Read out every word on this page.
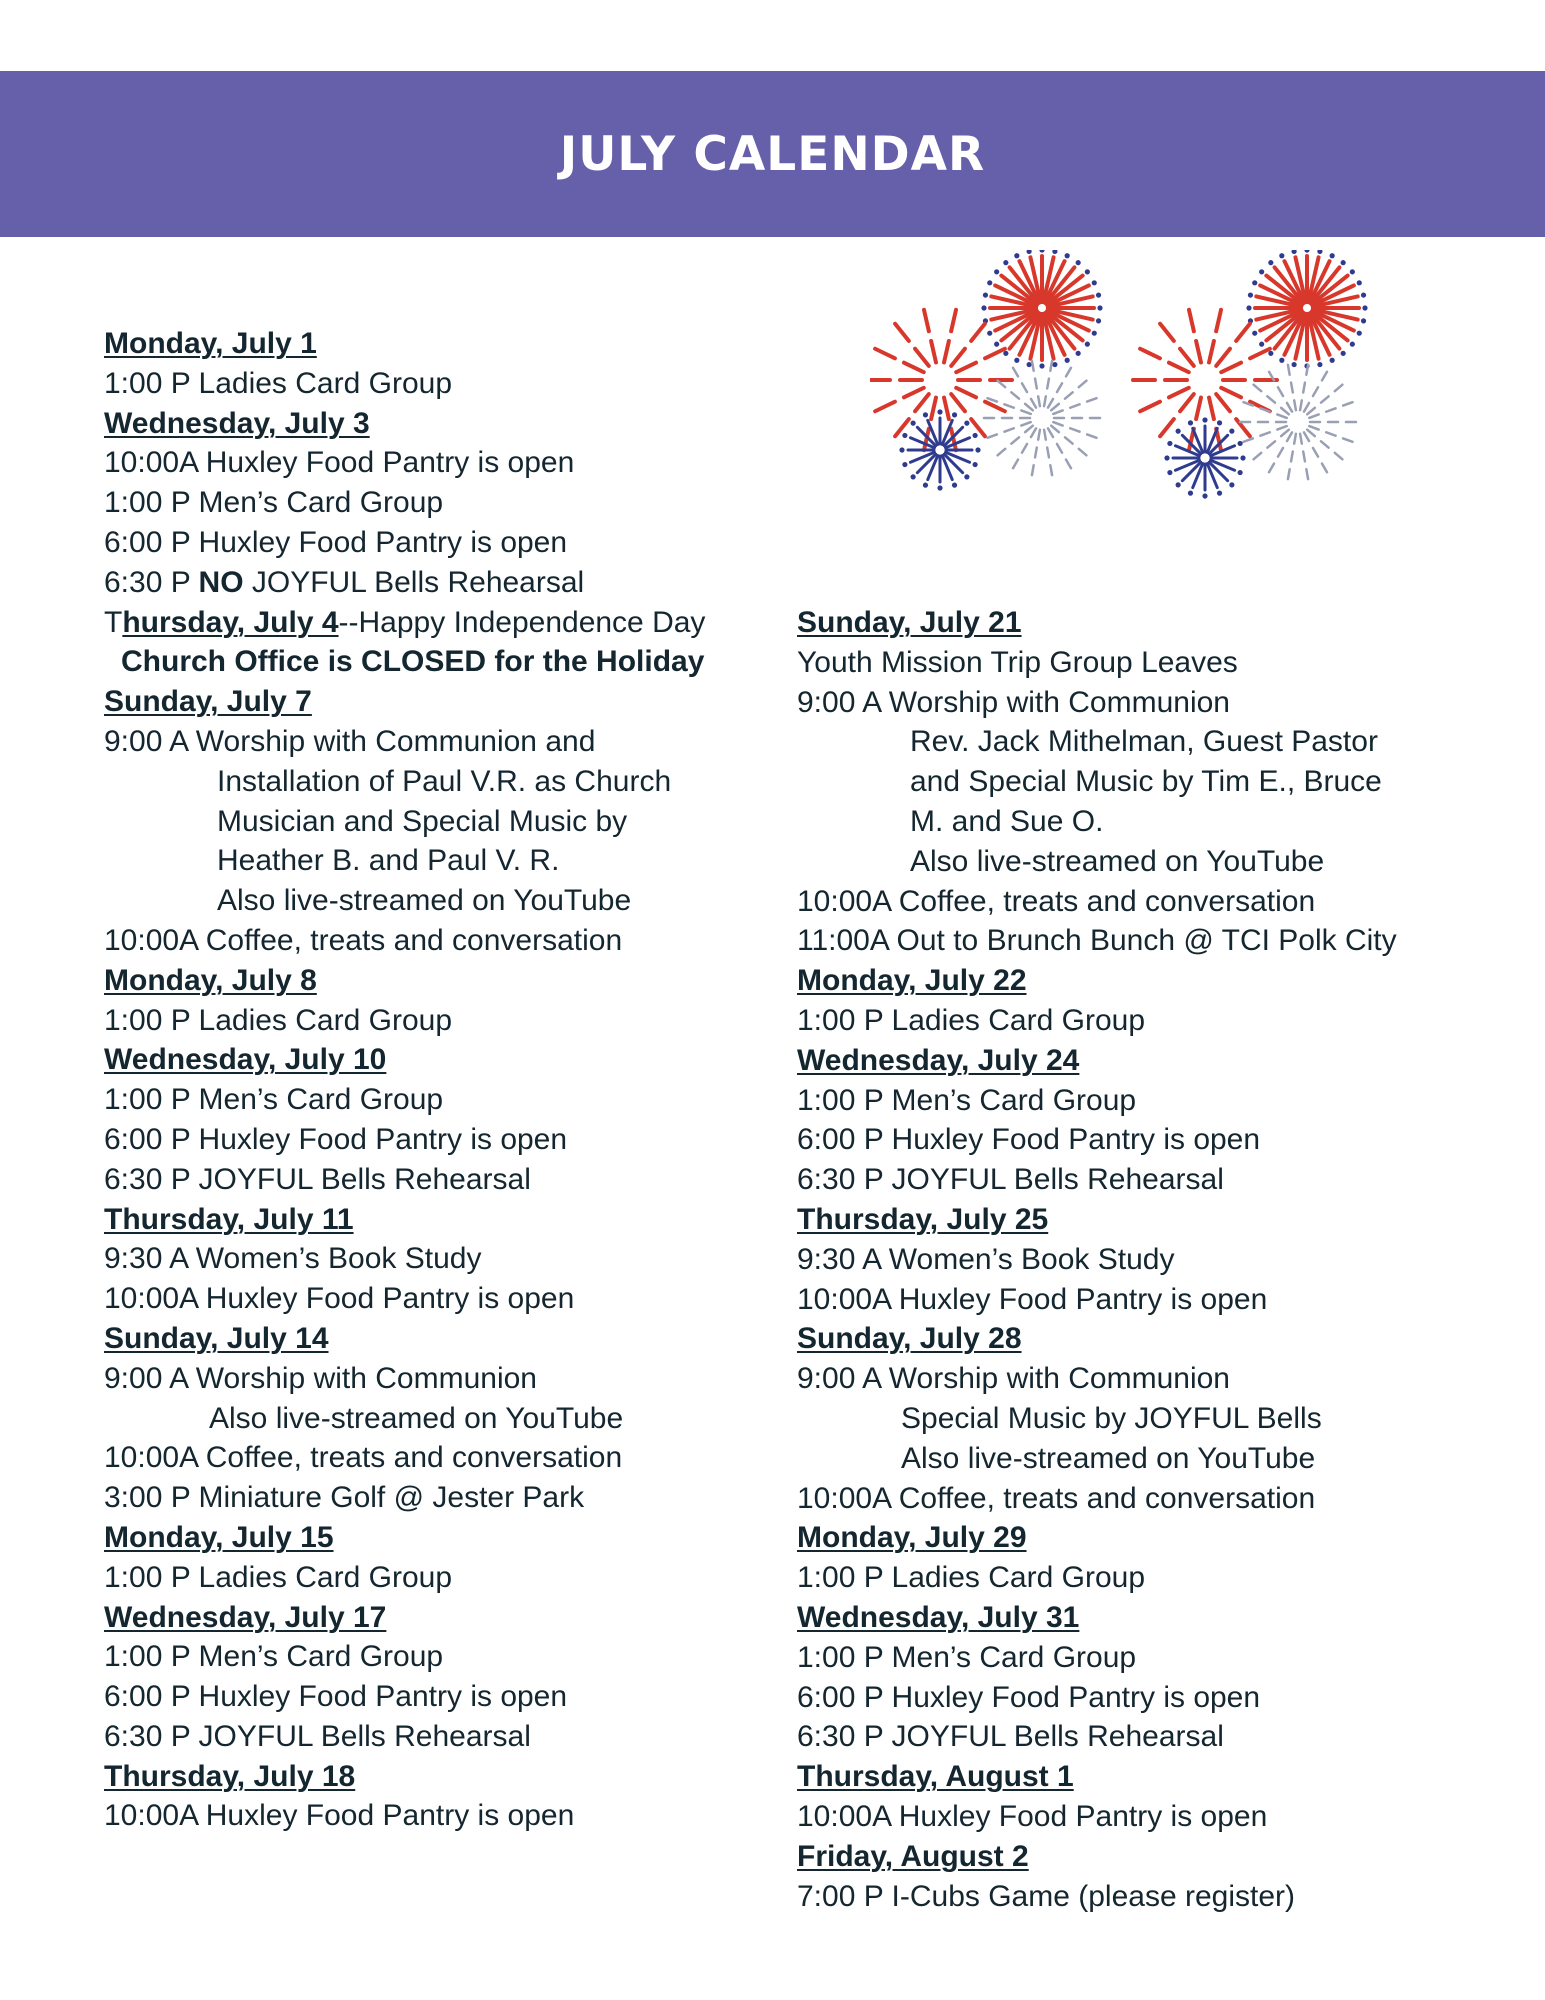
JULY CALENDAR
Monday, July 1
1:00 P Ladies Card Group
Wednesday, July 3
10:00A Huxley Food Pantry is open
1:00 P Men’s Card Group
6:00 P Huxley Food Pantry is open
6:30 P NO JOYFUL Bells Rehearsal
Thursday, July 4--Happy Independence Day
Church Office is CLOSED for the Holiday
Sunday, July 7
9:00 A Worship with Communion and
Installation of Paul V.R. as Church
Musician and Special Music by
Heather B. and Paul V. R.
Also live-streamed on YouTube
10:00A Coffee, treats and conversation
Monday, July 8
1:00 P Ladies Card Group
Wednesday, July 10
1:00 P Men’s Card Group
6:00 P Huxley Food Pantry is open
6:30 P JOYFUL Bells Rehearsal
Thursday, July 11
9:30 A Women’s Book Study
10:00A Huxley Food Pantry is open
Sunday, July 14
9:00 A Worship with Communion
Also live-streamed on YouTube
10:00A Coffee, treats and conversation
3:00 P Miniature Golf @ Jester Park
Monday, July 15
1:00 P Ladies Card Group
Wednesday, July 17
1:00 P Men’s Card Group
6:00 P Huxley Food Pantry is open
6:30 P JOYFUL Bells Rehearsal
Thursday, July 18
10:00A Huxley Food Pantry is open
Sunday, July 21
Youth Mission Trip Group Leaves
9:00 A Worship with Communion
Rev. Jack Mithelman, Guest Pastor
and Special Music by Tim E., Bruce
M. and Sue O.
Also live-streamed on YouTube
10:00A Coffee, treats and conversation
11:00A Out to Brunch Bunch @ TCI Polk City
Monday, July 22
1:00 P Ladies Card Group
Wednesday, July 24
1:00 P Men’s Card Group
6:00 P Huxley Food Pantry is open
6:30 P JOYFUL Bells Rehearsal
Thursday, July 25
9:30 A Women’s Book Study
10:00A Huxley Food Pantry is open
Sunday, July 28
9:00 A Worship with Communion
Special Music by JOYFUL Bells
Also live-streamed on YouTube
10:00A Coffee, treats and conversation
Monday, July 29
1:00 P Ladies Card Group
Wednesday, July 31
1:00 P Men’s Card Group
6:00 P Huxley Food Pantry is open
6:30 P JOYFUL Bells Rehearsal
Thursday, August 1
10:00A Huxley Food Pantry is open
Friday, August 2
7:00 P I-Cubs Game (please register)
